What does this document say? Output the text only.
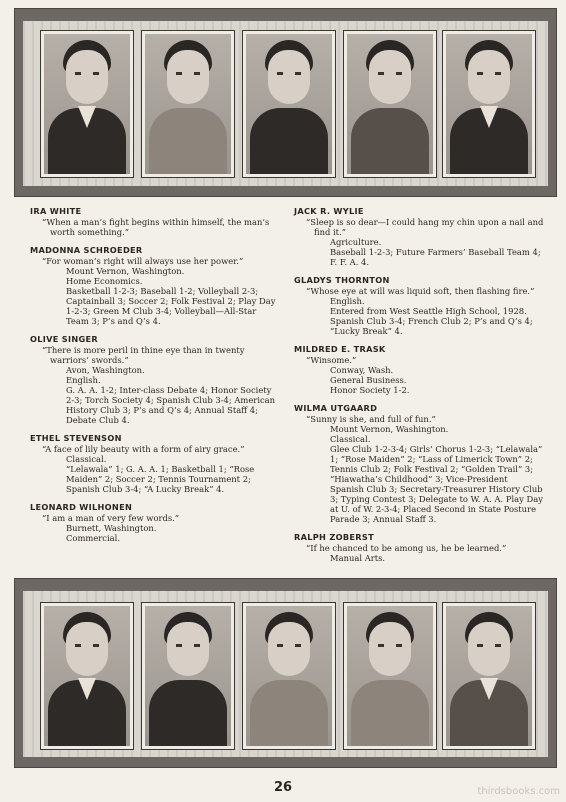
IRA WHITE
“When a man’s fight begins within himself, the man’s worth something.”
MADONNA SCHROEDER
“For woman’s right will always use her power.”
Mount Vernon, Washington.
Home Economics.
Basketball 1-2-3; Baseball 1-2; Volleyball 2-3; Captainball 3; Soccer 2; Folk Festival 2; Play Day 1-2-3; Green M Club 3-4; Volleyball—All-Star Team 3; P’s and Q’s 4.
OLIVE SINGER
“There is more peril in thine eye than in twenty warriors’ swords.”
Avon, Washington.
English.
G. A. A. 1-2; Inter-class Debate 4; Honor Society 2-3; Torch Society 4; Spanish Club 3-4; American History Club 3; P’s and Q’s 4; Annual Staff 4; Debate Club 4.
ETHEL STEVENSON
“A face of lily beauty with a form of airy grace.”
Classical.
“Lelawala” 1; G. A. A. 1; Basketball 1; “Rose Maiden” 2; Soccer 2; Tennis Tournament 2; Spanish Club 3-4; “A Lucky Break” 4.
LEONARD WILHONEN
“I am a man of very few words.”
Burnett, Washington.
Commercial.
JACK R. WYLIE
“Sleep is so dear—I could hang my chin upon a nail and find it.”
Agriculture.
Baseball 1-2-3; Future Farmers’ Baseball Team 4; F. F. A. 4.
GLADYS THORNTON
“Whose eye at will was liquid soft, then flashing fire.”
English.
Entered from West Seattle High School, 1928.
Spanish Club 3-4; French Club 2; P’s and Q’s 4; “Lucky Break” 4.
MILDRED E. TRASK
“Winsome.”
Conway, Wash.
General Business.
Honor Society 1-2.
WILMA UTGAARD
“Sunny is she, and full of fun.”
Mount Vernon, Washington.
Classical.
Glee Club 1-2-3-4; Girls’ Chorus 1-2-3; “Lelawala” 1; “Rose Maiden” 2; “Lass of Limerick Town” 2; Tennis Club 2; Folk Festival 2; “Golden Trail” 3; “Hiawatha’s Childhood” 3; Vice-President Spanish Club 3; Secretary-Treasurer History Club 3; Typing Contest 3; Delegate to W. A. A. Play Day at U. of W. 2-3-4; Placed Second in State Posture Parade 3; Annual Staff 3.
RALPH ZOBERST
“If he chanced to be among us, he be learned.”
Manual Arts.
26	thirdsbooks.com
